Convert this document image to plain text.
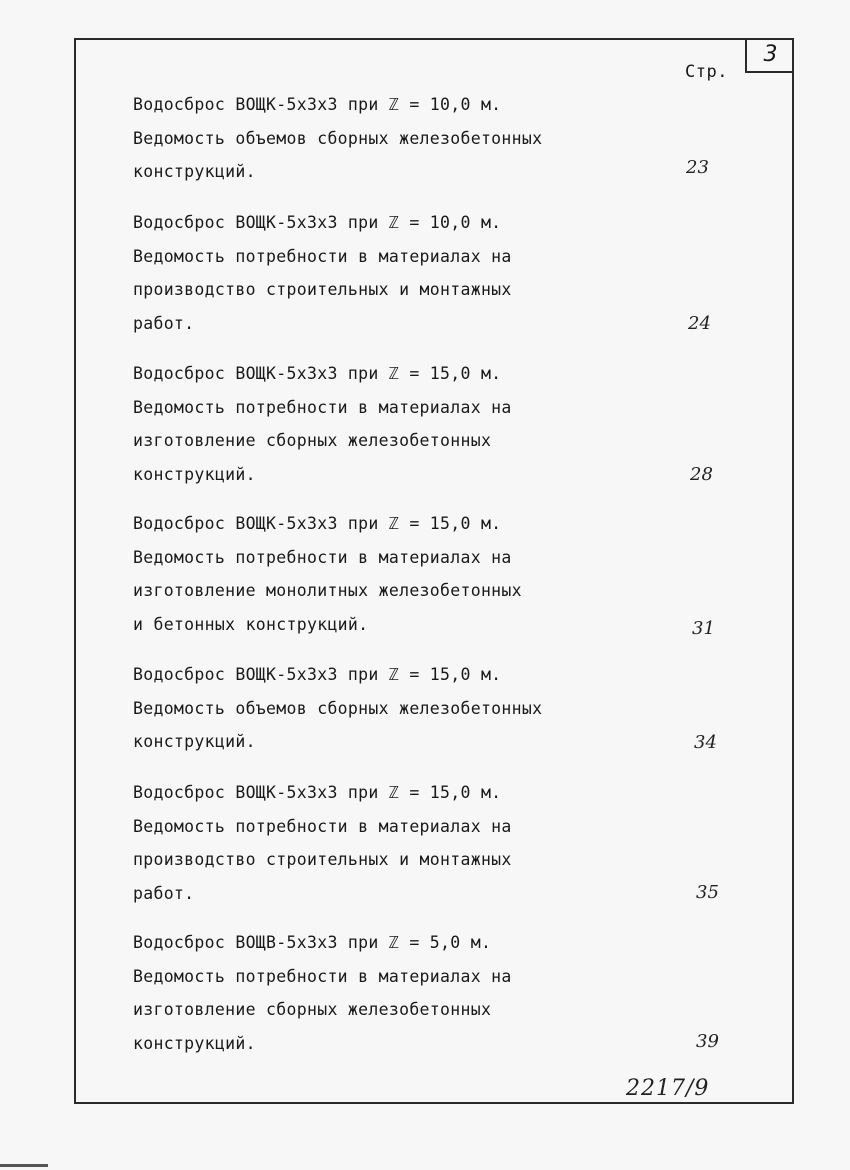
3
Стр.
Водосброс ВОЩК-5х3х3 при ℤ = 10,0 м.
Ведомость объемов сборных железобетонных
конструкций.	23
Водосброс ВОЩК-5х3х3 при ℤ = 10,0 м.
Ведомость потребности в материалах на
производство строительных и монтажных
работ.	24
Водосброс ВОЩК-5х3х3 при ℤ = 15,0 м.
Ведомость потребности в материалах на
изготовление сборных железобетонных
конструкций.	28
Водосброс ВОЩК-5х3х3 при ℤ = 15,0 м.
Ведомость потребности в материалах на
изготовление монолитных железобетонных
и бетонных конструкций.	31
Водосброс ВОЩК-5х3х3 при ℤ = 15,0 м.
Ведомость объемов сборных железобетонных
конструкций.	34
Водосброс ВОЩК-5х3х3 при ℤ = 15,0 м.
Ведомость потребности в материалах на
производство строительных и монтажных
работ.	35
Водосброс ВОЩВ-5х3х3 при ℤ = 5,0 м.
Ведомость потребности в материалах на
изготовление сборных железобетонных
конструкций.	39
2217/9
